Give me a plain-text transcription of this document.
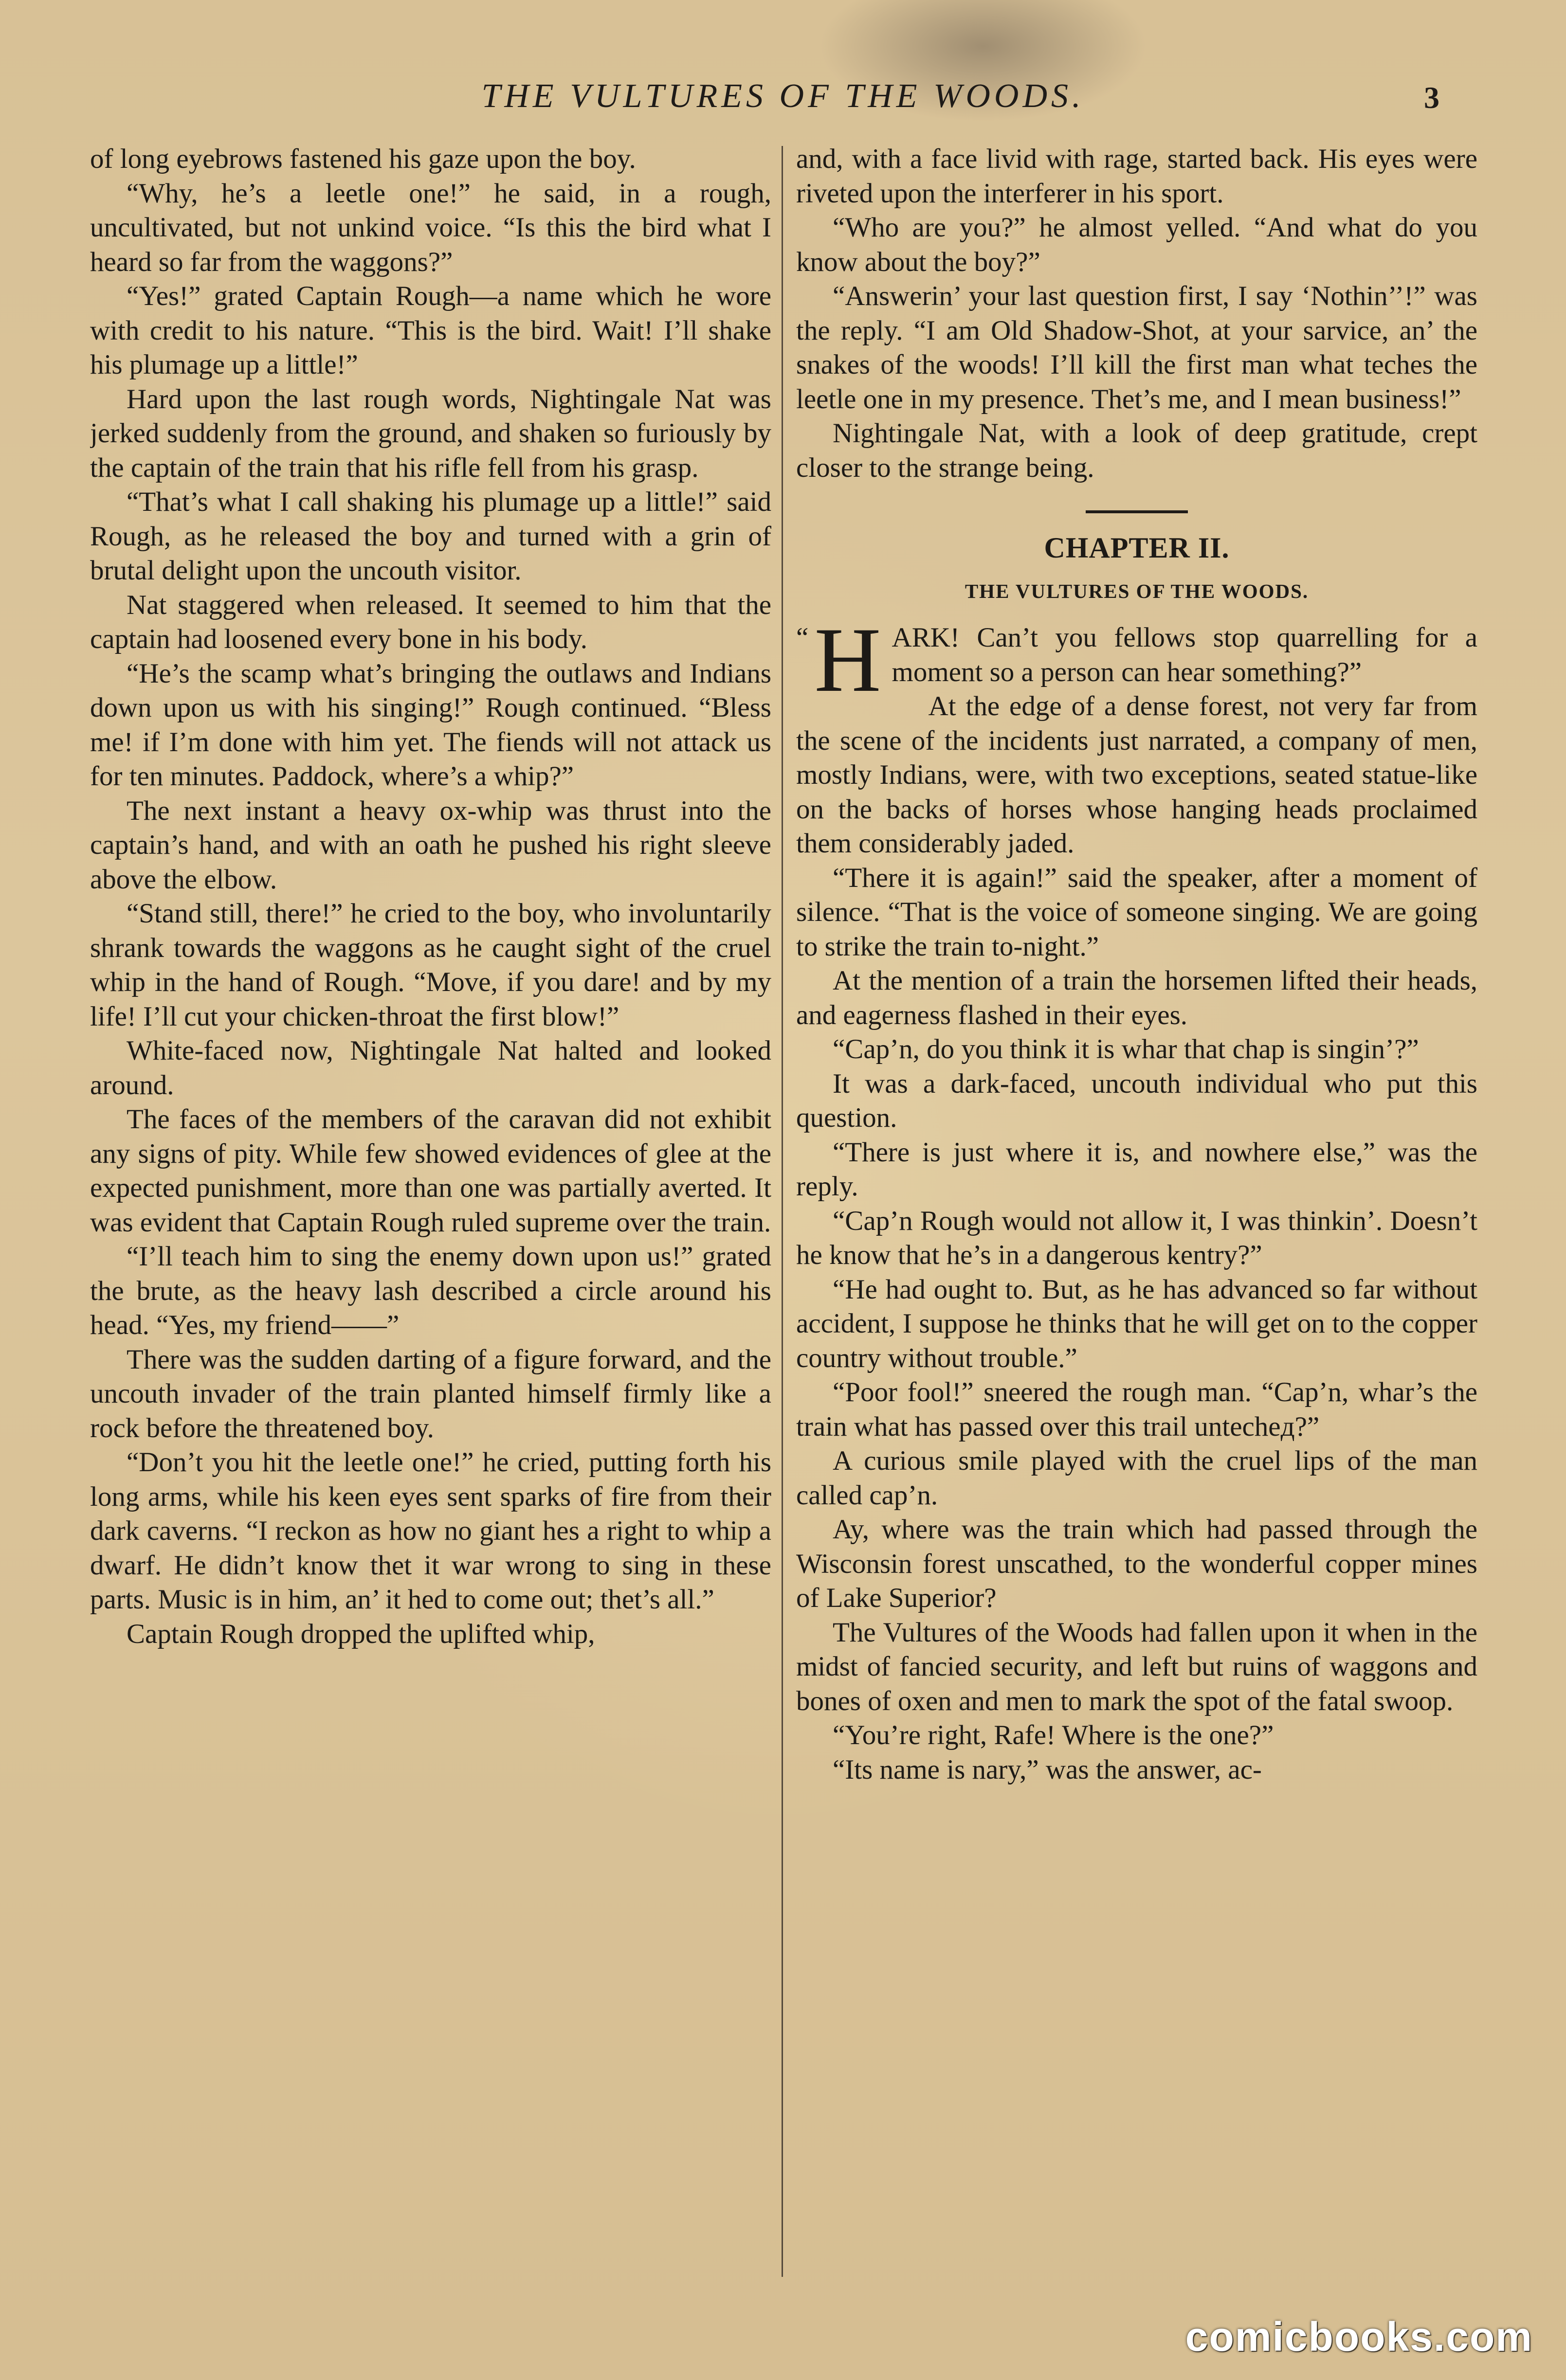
THE VULTURES OF THE WOODS.	3

of long eyebrows fastened his gaze upon the boy.

“Why, he’s a leetle one!” he said, in a rough, uncultivated, but not unkind voice. “Is this the bird what I heard so far from the waggons?”

“Yes!” grated Captain Rough—a name which he wore with credit to his nature. “This is the bird. Wait! I’ll shake his plumage up a little!”

Hard upon the last rough words, Nightingale Nat was jerked suddenly from the ground, and shaken so furiously by the captain of the train that his rifle fell from his grasp.

“That’s what I call shaking his plumage up a little!” said Rough, as he released the boy and turned with a grin of brutal delight upon the uncouth visitor.

Nat staggered when released. It seemed to him that the captain had loosened every bone in his body.

“He’s the scamp what’s bringing the outlaws and Indians down upon us with his singing!” Rough continued. “Bless me! if I’m done with him yet. The fiends will not attack us for ten minutes. Paddock, where’s a whip?”

The next instant a heavy ox-whip was thrust into the captain’s hand, and with an oath he pushed his right sleeve above the elbow.

“Stand still, there!” he cried to the boy, who involuntarily shrank towards the waggons as he caught sight of the cruel whip in the hand of Rough. “Move, if you dare! and by my life! I’ll cut your chicken-throat the first blow!”

White-faced now, Nightingale Nat halted and looked around.

The faces of the members of the caravan did not exhibit any signs of pity. While few showed evidences of glee at the expected punishment, more than one was partially averted. It was evident that Captain Rough ruled supreme over the train.

“I’ll teach him to sing the enemy down upon us!” grated the brute, as the heavy lash described a circle around his head. “Yes, my friend——”

There was the sudden darting of a figure forward, and the uncouth invader of the train planted himself firmly like a rock before the threatened boy.

“Don’t you hit the leetle one!” he cried, putting forth his long arms, while his keen eyes sent sparks of fire from their dark caverns. “I reckon as how no giant hes a right to whip a dwarf. He didn’t know thet it war wrong to sing in these parts. Music is in him, an’ it hed to come out; thet’s all.”

Captain Rough dropped the uplifted whip,

and, with a face livid with rage, started back. His eyes were riveted upon the interferer in his sport.

“Who are you?” he almost yelled. “And what do you know about the boy?”

“Answerin’ your last question first, I say ‘Nothin’’!” was the reply. “I am Old Shadow-Shot, at your sarvice, an’ the snakes of the woods! I’ll kill the first man what teches the leetle one in my presence. Thet’s me, and I mean business!”

Nightingale Nat, with a look of deep gratitude, crept closer to the strange being.

CHAPTER II.
THE VULTURES OF THE WOODS.

“ H ARK! Can’t you fellows stop quarrelling for a moment so a person can hear something?”

At the edge of a dense forest, not very far from the scene of the incidents just narrated, a company of men, mostly Indians, were, with two exceptions, seated statue-like on the backs of horses whose hanging heads proclaimed them considerably jaded.

“There it is again!” said the speaker, after a moment of silence. “That is the voice of someone singing. We are going to strike the train to-night.”

At the mention of a train the horsemen lifted their heads, and eagerness flashed in their eyes.

“Cap’n, do you think it is whar that chap is singin’?”

It was a dark-faced, uncouth individual who put this question.

“There is just where it is, and nowhere else,” was the reply.

“Cap’n Rough would not allow it, I was thinkin’. Doesn’t he know that he’s in a dangerous kentry?”

“He had ought to. But, as he has advanced so far without accident, I suppose he thinks that he will get on to the copper country without trouble.”

“Poor fool!” sneered the rough man. “Cap’n, whar’s the train what has passed over this trail untecheд?”

A curious smile played with the cruel lips of the man called cap’n.

Ay, where was the train which had passed through the Wisconsin forest unscathed, to the wonderful copper mines of Lake Superior?

The Vultures of the Woods had fallen upon it when in the midst of fancied security, and left but ruins of waggons and bones of oxen and men to mark the spot of the fatal swoop.

“You’re right, Rafe! Where is the one?”

“Its name is nary,” was the answer, ac-

comicbooks.com
